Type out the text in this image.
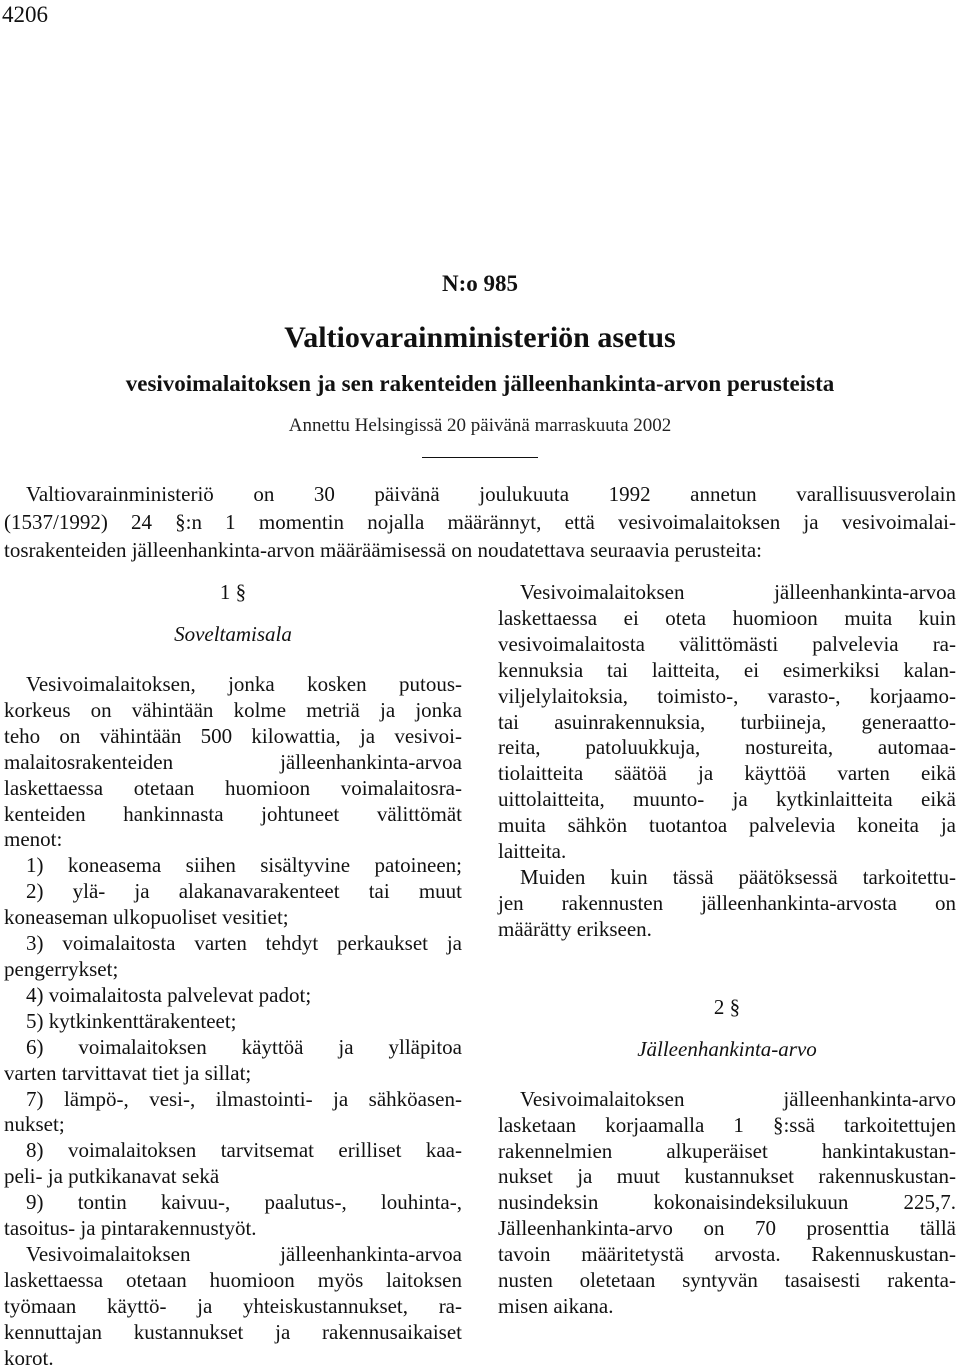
4206
N:o 985
Valtiovarainministeriön asetus
vesivoimalaitoksen ja sen rakenteiden jälleenhankinta-arvon perusteista
Annettu Helsingissä 20 päivänä marraskuuta 2002
Valtiovarainministeriö on 30 päivänä joulukuuta 1992 annetun varallisuusverolain
(1537/1992) 24 §:n 1 momentin nojalla määrännyt, että vesivoimalaitoksen ja vesivoimalai-
tosrakenteiden jälleenhankinta-arvon määräämisessä on noudatettava seuraavia perusteita:
1 §
Soveltamisala
Vesivoimalaitoksen, jonka kosken putous-
korkeus on vähintään kolme metriä ja jonka
teho on vähintään 500 kilowattia, ja vesivoi-
malaitosrakenteiden jälleenhankinta-arvoa
laskettaessa otetaan huomioon voimalaitosra-
kenteiden hankinnasta johtuneet välittömät
menot:
1) koneasema siihen sisältyvine patoineen;
2) ylä- ja alakanavarakenteet tai muut
koneaseman ulkopuoliset vesitiet;
3) voimalaitosta varten tehdyt perkaukset ja
pengerrykset;
4) voimalaitosta palvelevat padot;
5) kytkinkenttärakenteet;
6) voimalaitoksen käyttöä ja ylläpitoa
varten tarvittavat tiet ja sillat;
7) lämpö-, vesi-, ilmastointi- ja sähköasen-
nukset;
8) voimalaitoksen tarvitsemat erilliset kaa-
peli- ja putkikanavat sekä
9) tontin kaivuu-, paalutus-, louhinta-,
tasoitus- ja pintarakennustyöt.
Vesivoimalaitoksen jälleenhankinta-arvoa
laskettaessa otetaan huomioon myös laitoksen
työmaan käyttö- ja yhteiskustannukset, ra-
kennuttajan kustannukset ja rakennusaikaiset
korot.
Vesivoimalaitoksen jälleenhankinta-arvoa
laskettaessa ei oteta huomioon muita kuin
vesivoimalaitosta välittömästi palvelevia ra-
kennuksia tai laitteita, ei esimerkiksi kalan-
viljelylaitoksia, toimisto-, varasto-, korjaamo-
tai asuinrakennuksia, turbiineja, generaatto-
reita, patoluukkuja, nostureita, automaa-
tiolaitteita säätöä ja käyttöä varten eikä
uittolaitteita, muunto- ja kytkinlaitteita eikä
muita sähkön tuotantoa palvelevia koneita ja
laitteita.
Muiden kuin tässä päätöksessä tarkoitettu-
jen rakennusten jälleenhankinta-arvosta on
määrätty erikseen.
2 §
Jälleenhankinta-arvo
Vesivoimalaitoksen jälleenhankinta-arvo
lasketaan korjaamalla 1 §:ssä tarkoitettujen
rakennelmien alkuperäiset hankintakustan-
nukset ja muut kustannukset rakennuskustan-
nusindeksin kokonaisindeksilukuun 225,7.
Jälleenhankinta-arvo on 70 prosenttia tällä
tavoin määritetystä arvosta. Rakennuskustan-
nusten oletetaan syntyvän tasaisesti rakenta-
misen aikana.
